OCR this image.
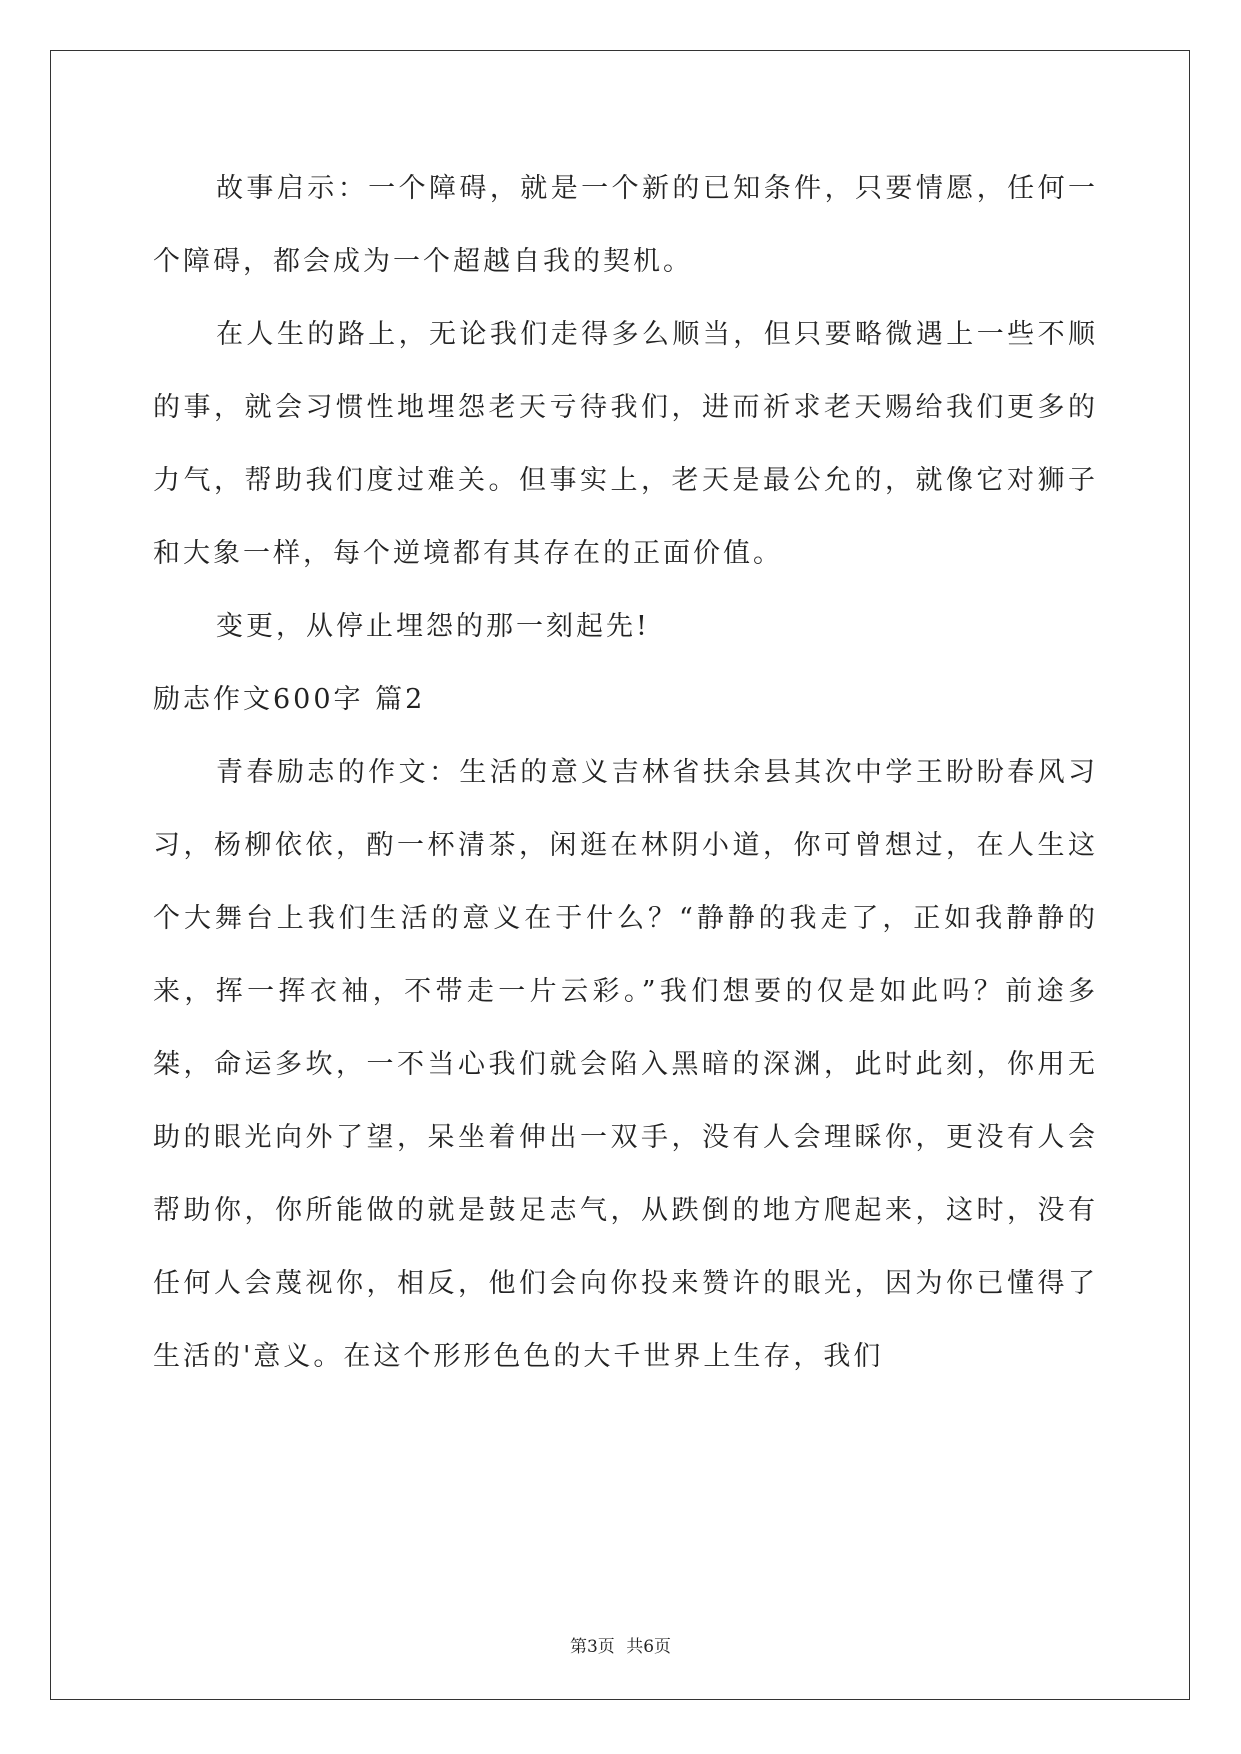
故事启示：一个障碍，就是一个新的已知条件，只要情愿，任何一个障碍，都会成为一个超越自我的契机。

在人生的路上，无论我们走得多么顺当，但只要略微遇上一些不顺的事，就会习惯性地埋怨老天亏待我们，进而祈求老天赐给我们更多的力气，帮助我们度过难关。但事实上，老天是最公允的，就像它对狮子和大象一样，每个逆境都有其存在的正面价值。

变更，从停止埋怨的那一刻起先!

励志作文600字 篇2

青春励志的作文：生活的意义吉林省扶余县其次中学王盼盼春风习习，杨柳依依，酌一杯清茶，闲逛在林阴小道，你可曾想过，在人生这个大舞台上我们生活的意义在于什么？“静静的我走了，正如我静静的来，挥一挥衣袖，不带走一片云彩。”我们想要的仅是如此吗？前途多桀，命运多坎，一不当心我们就会陷入黑暗的深渊，此时此刻，你用无助的眼光向外了望，呆坐着伸出一双手，没有人会理睬你，更没有人会帮助你，你所能做的就是鼓足志气，从跌倒的地方爬起来，这时，没有任何人会蔑视你，相反，他们会向你投来赞许的眼光，因为你已懂得了生活的'意义。在这个形形色色的大千世界上生存，我们

第3页 共6页
